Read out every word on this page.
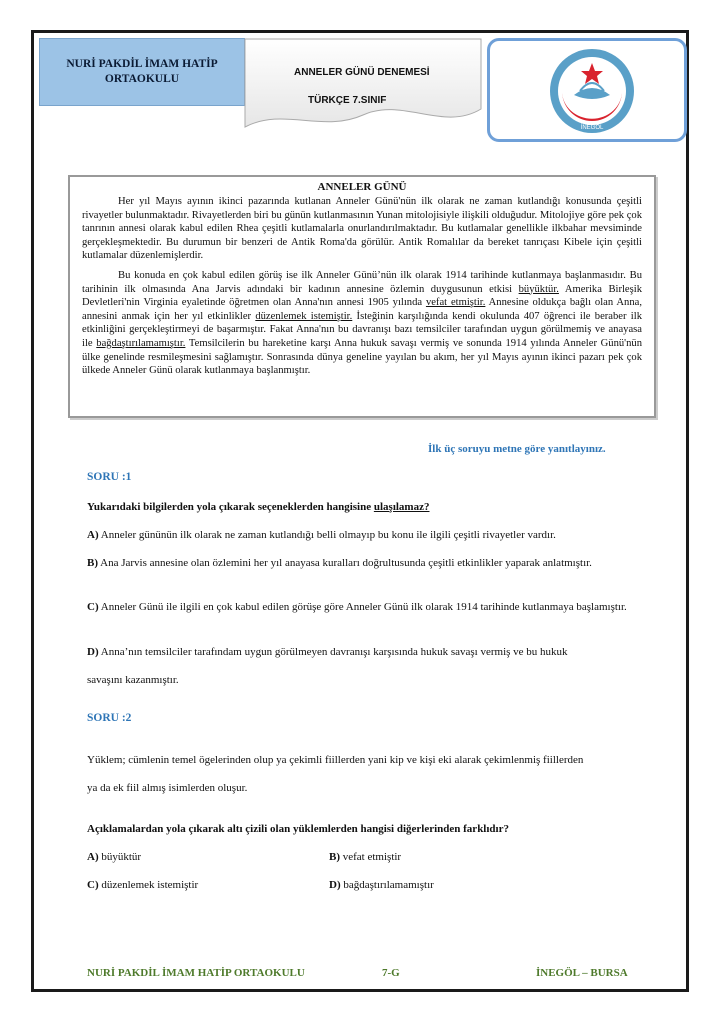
NURİ PAKDİL İMAM HATİP ORTAOKULU
ANNELER GÜNÜ DENEMESİ
TÜRKÇE 7.SINIF
İNEGÖL
ANNELER GÜNÜ

Her yıl Mayıs ayının ikinci pazarında kutlanan Anneler Günü'nün ilk olarak ne zaman kutlandığı konusunda çeşitli rivayetler bulunmaktadır. Rivayetlerden biri bu günün kutlanmasının Yunan mitolojisiyle ilişkili olduğudur. Mitolojiye göre pek çok tanrının annesi olarak kabul edilen Rhea çeşitli kutlamalarla onurlandırılmaktadır. Bu kutlamalar genellikle ilkbahar mevsiminde gerçekleşmektedir. Bu durumun bir benzeri de Antik Roma'da görülür. Antik Romalılar da bereket tanrıçası Kibele için çeşitli kutlamalar düzenlemişlerdir.

Bu konuda en çok kabul edilen görüş ise ilk Anneler Günü’nün ilk olarak 1914 tarihinde kutlanmaya başlanmasıdır. Bu tarihinin ilk olmasında Ana Jarvis adındaki bir kadının annesine özlemin duygusunun etkisi büyüktür. Amerika Birleşik Devletleri'nin Virginia eyaletinde öğretmen olan Anna'nın annesi 1905 yılında vefat etmiştir. Annesine oldukça bağlı olan Anna, annesini anmak için her yıl etkinlikler düzenlemek istemiştir. İsteğinin karşılığında kendi okulunda 407 öğrenci ile beraber ilk etkinliğini gerçekleştirmeyi de başarmıştır. Fakat Anna'nın bu davranışı bazı temsilciler tarafından uygun görülmemiş ve anayasa ile bağdaştırılamamıştır. Temsilcilerin bu hareketine karşı Anna hukuk savaşı vermiş ve sonunda 1914 yılında Anneler Günü'nün ülke genelinde resmileşmesini sağlamıştır. Sonrasında dünya geneline yayılan bu akım, her yıl Mayıs ayının ikinci pazarı pek çok ülkede Anneler Günü olarak kutlanmaya başlanmıştır.

İlk üç soruyu metne göre yanıtlayınız.
SORU :1
Yukarıdaki bilgilerden yola çıkarak seçeneklerden hangisine ulaşılamaz?
A) Anneler gününün ilk olarak ne zaman kutlandığı belli olmayıp bu konu ile ilgili çeşitli rivayetler vardır.
B) Ana Jarvis annesine olan özlemini her yıl anayasa kuralları doğrultusunda çeşitli etkinlikler yaparak anlatmıştır.
C) Anneler Günü ile ilgili en çok kabul edilen görüşe göre Anneler Günü ilk olarak 1914 tarihinde kutlanmaya başlamıştır.
D) Anna’nın temsilciler tarafındam uygun görülmeyen davranışı karşısında hukuk savaşı vermiş ve bu hukuk
savaşını kazanmıştır.
SORU :2
Yüklem; cümlenin temel ögelerinden olup ya çekimli fiillerden yani kip ve kişi eki alarak çekimlenmiş fiillerden
ya da ek fiil almış isimlerden oluşur.
Açıklamalardan yola çıkarak altı çizili olan yüklemlerden hangisi diğerlerinden farklıdır?
A) büyüktür	B) vefat etmiştir
C) düzenlemek istemiştir	D) bağdaştırılamamıştır
NURİ PAKDİL İMAM HATİP ORTAOKULU	7-G	İNEGÖL – BURSA
